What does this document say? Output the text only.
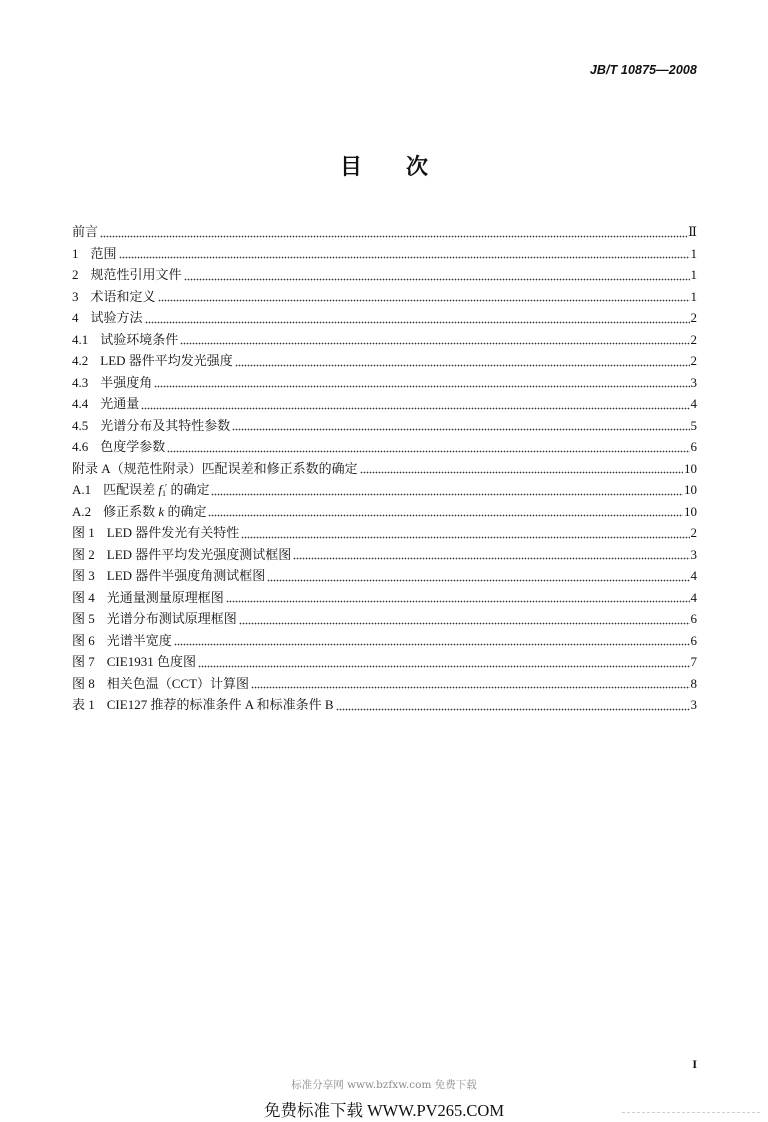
JB/T 10875—2008
目　　次
前言	Ⅱ
1 范围	1
2 规范性引用文件	1
3 术语和定义	1
4 试验方法	2
4.1 试验环境条件	2
4.2 LED 器件平均发光强度	2
4.3 半强度角	3
4.4 光通量	4
4.5 光谱分布及其特性参数	5
4.6 色度学参数	6
附录 A（规范性附录）匹配误差和修正系数的确定	10
A.1 匹配误差 $f_1'$ 的确定	10
A.2 修正系数 k 的确定	10
图 1 LED 器件发光有关特性	2
图 2 LED 器件平均发光强度测试框图	3
图 3 LED 器件半强度角测试框图	4
图 4 光通量测量原理框图	4
图 5 光谱分布测试原理框图	6
图 6 光谱半宽度	6
图 7 CIE1931 色度图	7
图 8 相关色温（CCT）计算图	8
表 1 CIE127 推荐的标准条件 A 和标准条件 B	3
I
标准分享网 www.bzfxw.com 免费下载
免费标准下载 WWW.PV265.COM
